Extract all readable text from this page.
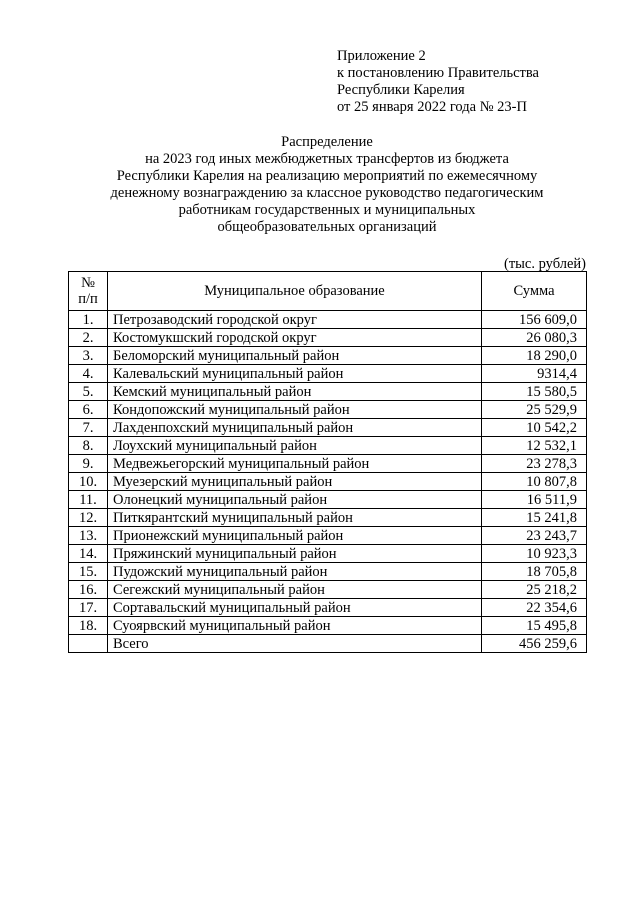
Приложение 2
к постановлению Правительства
Республики Карелия
от 25 января 2022 года № 23-П
Распределение
на 2023 год иных межбюджетных трансфертов из бюджета
Республики Карелия на реализацию мероприятий по ежемесячному
денежному вознаграждению за классное руководство педагогическим
работникам государственных и муниципальных
общеобразовательных организаций
(тыс. рублей)
№
п/п	Муниципальное образование	Сумма
1.	Петрозаводский городской округ	156 609,0
2.	Костомукшский городской округ	26 080,3
3.	Беломорский муниципальный район	18 290,0
4.	Калевальский муниципальный район	9314,4
5.	Кемский муниципальный район	15 580,5
6.	Кондопожский муниципальный район	25 529,9
7.	Лахденпохский муниципальный район	10 542,2
8.	Лоухский муниципальный район	12 532,1
9.	Медвежьегорский муниципальный район	23 278,3
10.	Муезерский муниципальный район	10 807,8
11.	Олонецкий муниципальный район	16 511,9
12.	Питкярантский муниципальный район	15 241,8
13.	Прионежский муниципальный район	23 243,7
14.	Пряжинский муниципальный район	10 923,3
15.	Пудожский муниципальный район	18 705,8
16.	Сегежский муниципальный район	25 218,2
17.	Сортавальский муниципальный район	22 354,6
18.	Суоярвский муниципальный район	15 495,8
	Всего	456 259,6
